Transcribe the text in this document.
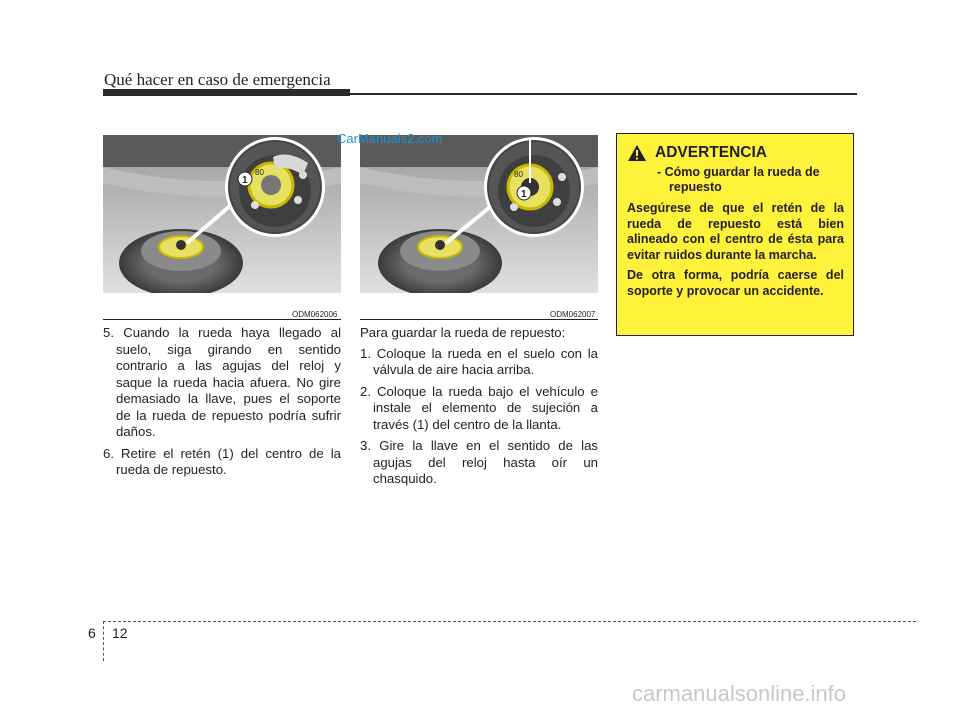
Qué hacer en caso de emergencia
CarManuals2.com
1
80
ODM062006
1
80
ODM062007

5. Cuando la rueda haya llegado al suelo, siga girando en sentido contrario a las agujas del reloj y saque la rueda hacia afuera. No gire demasiado la llave, pues el soporte de la rueda de repuesto podría sufrir daños.

6. Retire el retén (1) del centro de la rueda de repuesto.

Para guardar la rueda de repuesto:

1. Coloque la rueda en el suelo con la válvula de aire hacia arriba.

2. Coloque la rueda bajo el vehículo e instale el elemento de sujeción a través (1) del centro de la llanta.

3. Gire la llave en el sentido de las agujas del reloj hasta oír un chasquido.

ADVERTENCIA
- Cómo guardar la rueda de repuesto

Asegúrese de que el retén de la rueda de repuesto está bien alineado con el centro de ésta para evitar ruidos durante la marcha.

De otra forma, podría caerse del soporte y provocar un accidente.

6 12
carmanualsonline.info
